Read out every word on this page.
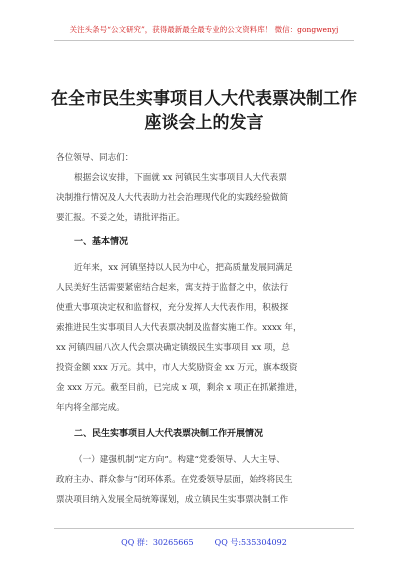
关注头条号“公文研究”，获得最新最全最专业的公文资料库！ 微信：gongwenyj
在全市民生实事项目人大代表票决制工作
座谈会上的发言
各位领导、同志们：
根据会议安排，下面就 xx 河镇民生实事项目人大代表票
决制推行情况及人大代表助力社会治理现代化的实践经验做简
要汇报。不妥之处，请批评指正。
一、基本情况
近年来，xx 河镇坚持以人民为中心，把高质量发展同满足
人民美好生活需要紧密结合起来，寓支持于监督之中，依法行
使重大事项决定权和监督权，充分发挥人大代表作用，积极探
索推进民生实事项目人大代表票决制及监督实施工作。xxxx 年，
xx 河镇四届八次人代会票决确定镇级民生实事项目 xx 项，总
投资金额 xxx 万元。其中，市人大奖励资金 xx 万元，旗本级资
金 xxx 万元。截至目前，已完成 x 项，剩余 x 项正在抓紧推进，
年内将全部完成。
二、民生实事项目人大代表票决制工作开展情况
（一）建强机制“定方向”。构建“党委领导、人大主导、
政府主办、群众参与”闭环体系。在党委领导层面，始终将民生
票决项目纳入发展全局统筹谋划，成立镇民生实事票决制工作
QQ 群：30265665	QQ 号:535304092
